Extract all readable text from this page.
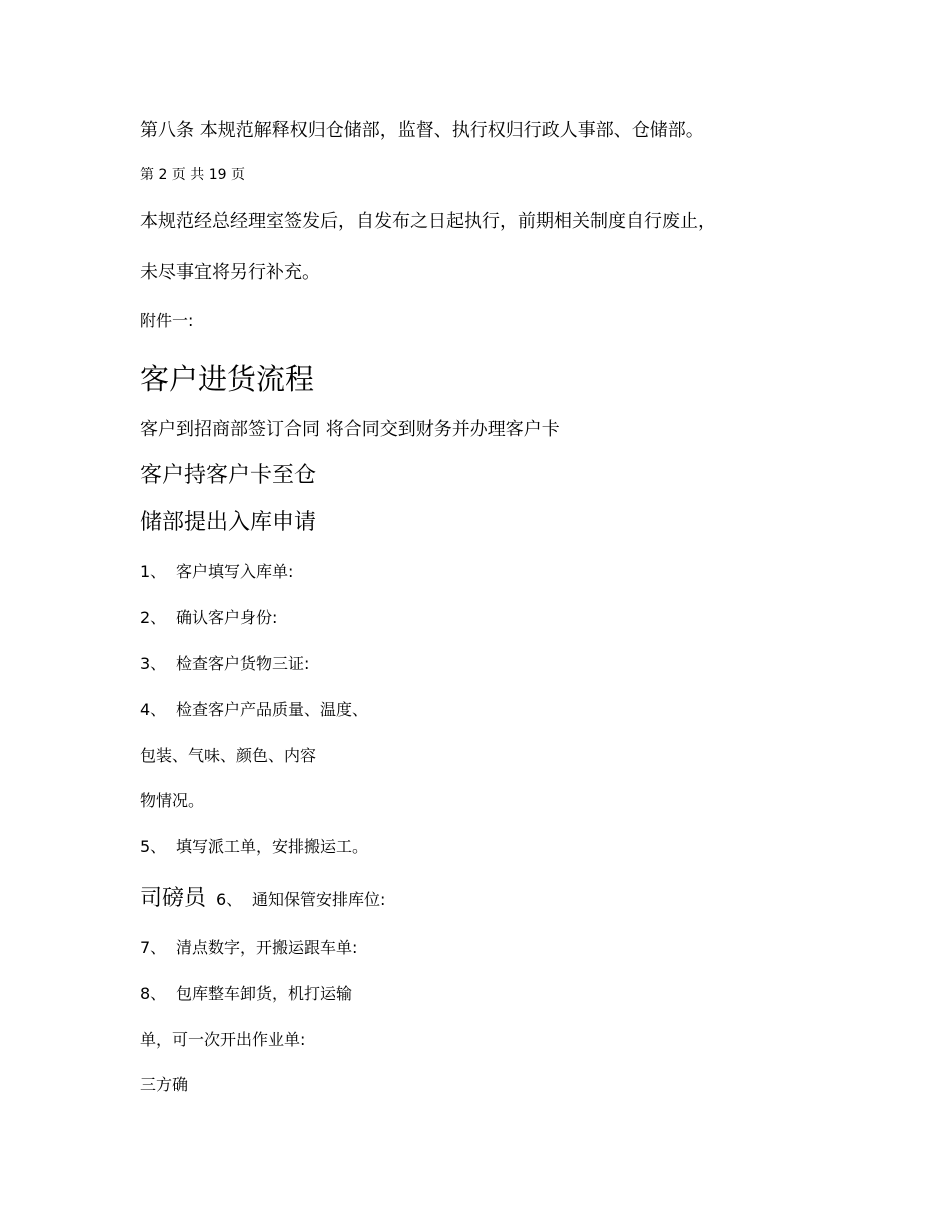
第八条 本规范解释权归仓储部，监督、执行权归行政人事部、仓储部。
第 2 页 共 19 页
本规范经总经理室签发后，自发布之日起执行，前期相关制度自行废止，
未尽事宜将另行补充。
附件一:
客户进货流程
客户到招商部签订合同 将合同交到财务并办理客户卡
客户持客户卡至仓
储部提出入库申请
1、 客户填写入库单:
2、 确认客户身份:
3、 检查客户货物三证:
4、 检查客户产品质量、温度、
包装、气味、颜色、内容
物情况。
5、 填写派工单，安排搬运工。
司磅员 6、 通知保管安排库位:
7、 清点数字，开搬运跟车单:
8、 包库整车卸货，机打运输
单，可一次开出作业单:
三方确
